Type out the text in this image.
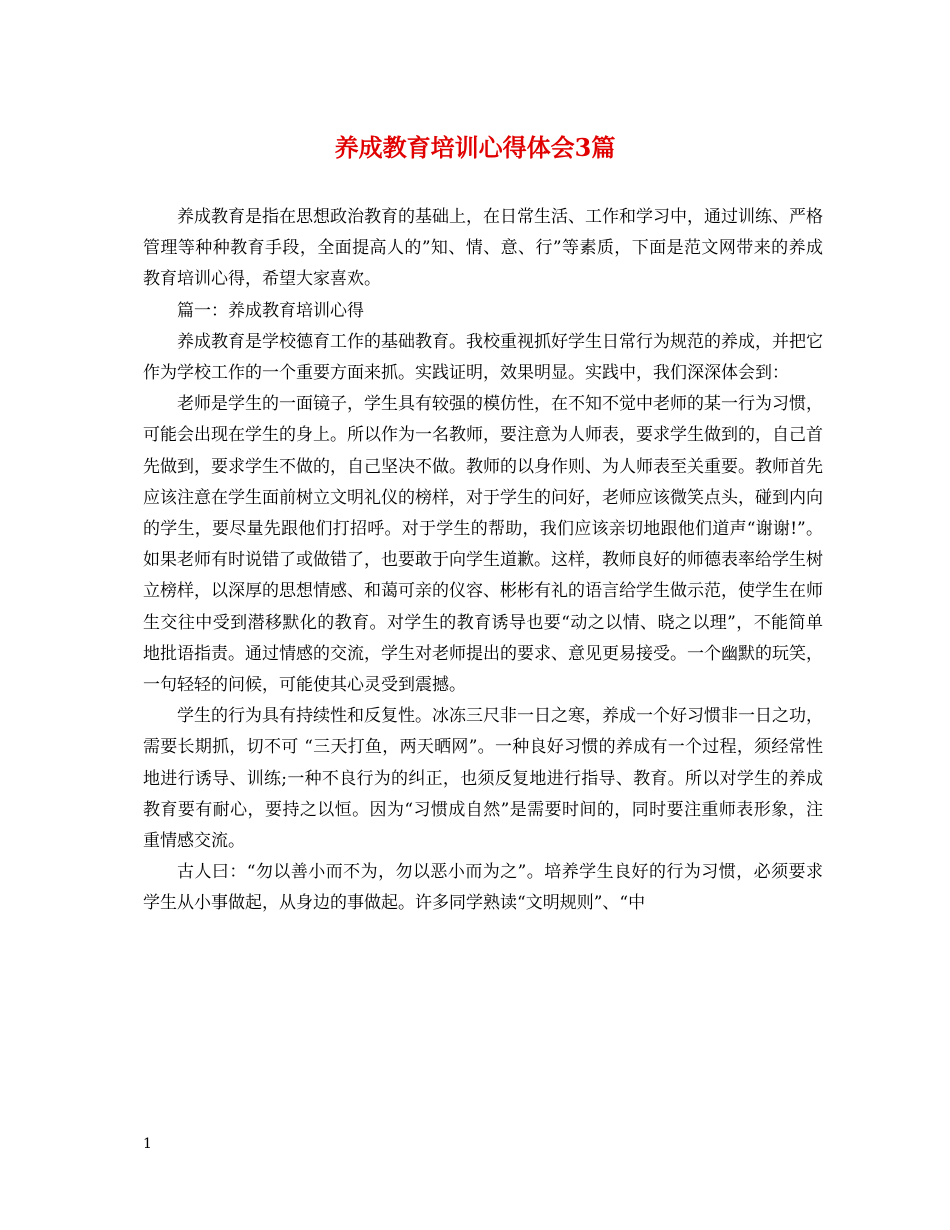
养成教育培训心得体会3篇

养成教育是指在思想政治教育的基础上，在日常生活、工作和学习中，通过训练、严格管理等种种教育手段，全面提高人的”知、情、意、行”等素质，下面是范文网带来的养成教育培训心得，希望大家喜欢。

篇一：养成教育培训心得

养成教育是学校德育工作的基础教育。我校重视抓好学生日常行为规范的养成，并把它作为学校工作的一个重要方面来抓。实践证明，效果明显。实践中，我们深深体会到：

老师是学生的一面镜子，学生具有较强的模仿性，在不知不觉中老师的某一行为习惯，可能会出现在学生的身上。所以作为一名教师，要注意为人师表，要求学生做到的，自己首先做到，要求学生不做的，自己坚决不做。教师的以身作则、为人师表至关重要。教师首先应该注意在学生面前树立文明礼仪的榜样，对于学生的问好，老师应该微笑点头，碰到内向的学生，要尽量先跟他们打招呼。对于学生的帮助，我们应该亲切地跟他们道声“谢谢!”。如果老师有时说错了或做错了，也要敢于向学生道歉。这样，教师良好的师德表率给学生树立榜样，以深厚的思想情感、和蔼可亲的仪容、彬彬有礼的语言给学生做示范，使学生在师生交往中受到潜移默化的教育。对学生的教育诱导也要“动之以情、晓之以理”，不能简单地批语指责。通过情感的交流，学生对老师提出的要求、意见更易接受。一个幽默的玩笑，一句轻轻的问候，可能使其心灵受到震撼。

学生的行为具有持续性和反复性。冰冻三尺非一日之寒，养成一个好习惯非一日之功，需要长期抓，切不可 “三天打鱼，两天晒网”。一种良好习惯的养成有一个过程，须经常性地进行诱导、训练;一种不良行为的纠正，也须反复地进行指导、教育。所以对学生的养成教育要有耐心，要持之以恒。因为“习惯成自然”是需要时间的，同时要注重师表形象，注重情感交流。

古人曰：“勿以善小而不为，勿以恶小而为之”。培养学生良好的行为习惯，必须要求学生从小事做起，从身边的事做起。许多同学熟读“文明规则”、“中

1
